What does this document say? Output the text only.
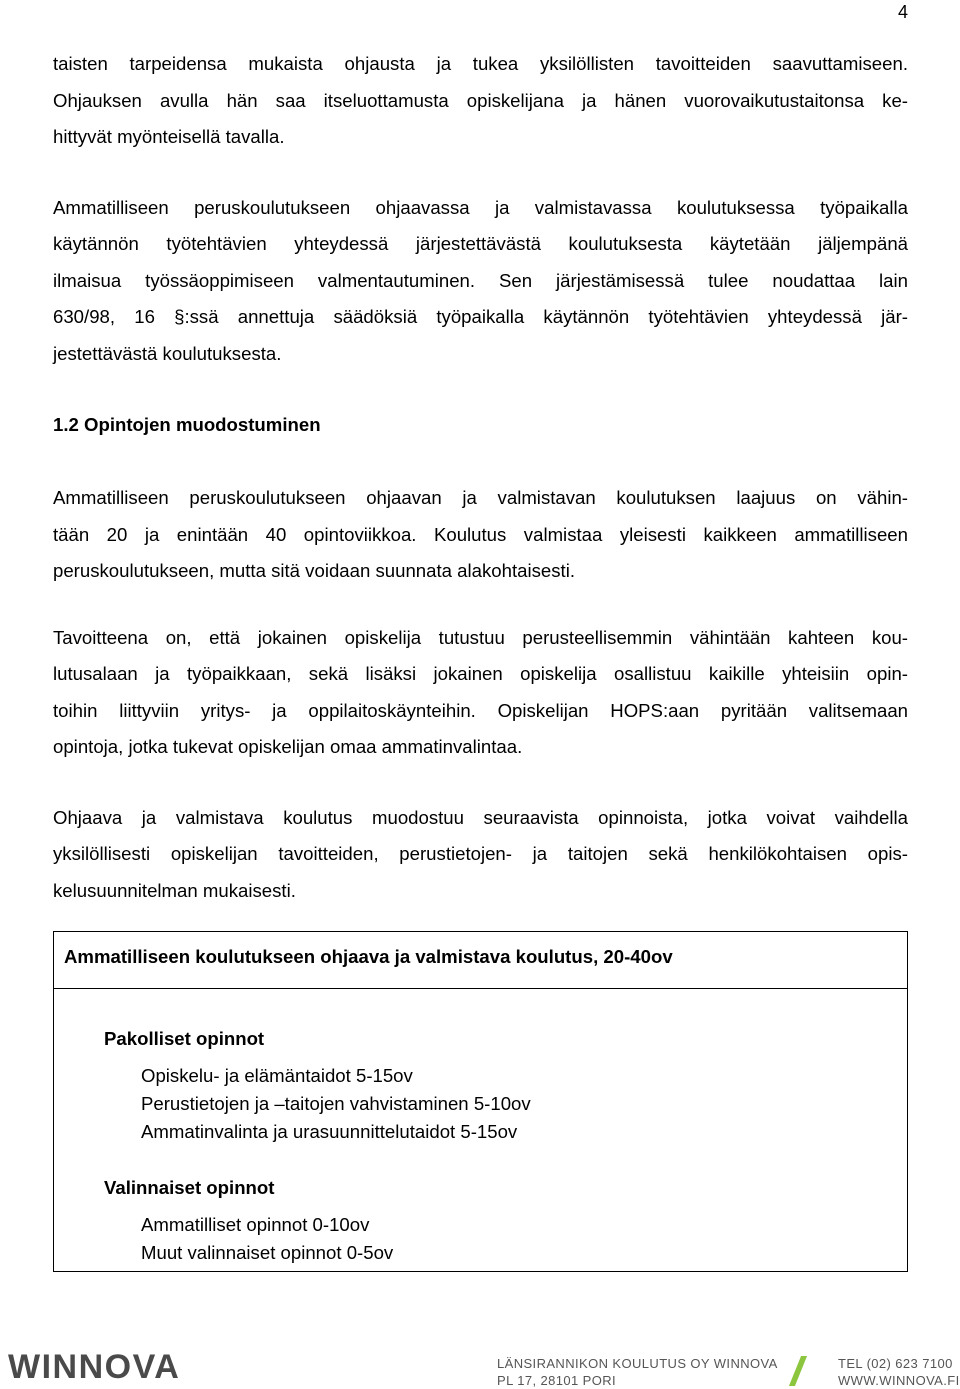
4

taisten tarpeidensa mukaista ohjausta ja tukea yksilöllisten tavoitteiden saavuttamiseen.
Ohjauksen avulla hän saa itseluottamusta opiskelijana ja hänen vuorovaikutustaitonsa ke-
hittyvät myönteisellä tavalla.

Ammatilliseen peruskoulutukseen ohjaavassa ja valmistavassa koulutuksessa työpaikalla
käytännön työtehtävien yhteydessä järjestettävästä koulutuksesta käytetään jäljempänä
ilmaisua työssäoppimiseen valmentautuminen. Sen järjestämisessä tulee noudattaa lain
630/98, 16 §:ssä annettuja säädöksiä työpaikalla käytännön työtehtävien yhteydessä jär-
jestettävästä koulutuksesta.

1.2 Opintojen muodostuminen

Ammatilliseen peruskoulutukseen ohjaavan ja valmistavan koulutuksen laajuus on vähin-
tään 20 ja enintään 40 opintoviikkoa. Koulutus valmistaa yleisesti kaikkeen ammatilliseen
peruskoulutukseen, mutta sitä voidaan suunnata alakohtaisesti.

Tavoitteena on, että jokainen opiskelija tutustuu perusteellisemmin vähintään kahteen kou-
lutusalaan ja työpaikkaan, sekä lisäksi jokainen opiskelija osallistuu kaikille yhteisiin opin-
toihin liittyviin yritys- ja oppilaitoskäynteihin. Opiskelijan HOPS:aan pyritään valitsemaan
opintoja, jotka tukevat opiskelijan omaa ammatinvalintaa.

Ohjaava ja valmistava koulutus muodostuu seuraavista opinnoista, jotka voivat vaihdella
yksilöllisesti opiskelijan tavoitteiden, perustietojen- ja taitojen sekä henkilökohtaisen opis-
kelusuunnitelman mukaisesti.

Ammatilliseen koulutukseen ohjaava ja valmistava koulutus, 20-40ov
Pakolliset opinnot
Opiskelu- ja elämäntaidot 5-15ov
Perustietojen ja –taitojen vahvistaminen 5-10ov
Ammatinvalinta ja urasuunnittelutaidot 5-15ov
Valinnaiset opinnot
Ammatilliset opinnot 0-10ov
Muut valinnaiset opinnot 0-5ov
WINNOVA	LÄNSIRANNIKON KOULUTUS OY WINNOVA
PL 17, 28101 PORI
TEL (02) 623 7100
WWW.WINNOVA.FI
